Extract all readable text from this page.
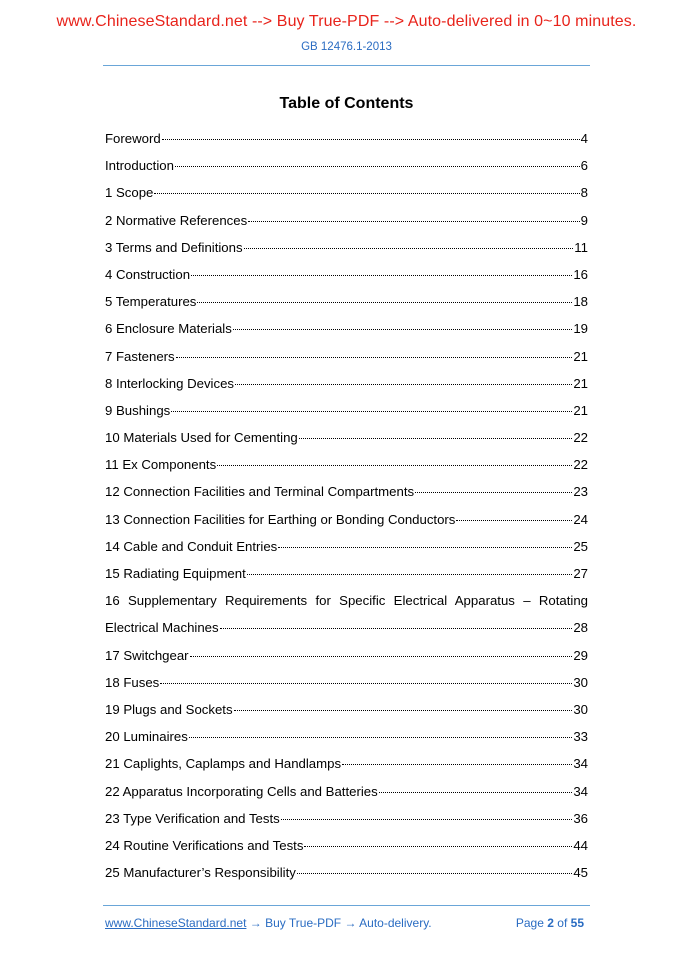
www.ChineseStandard.net --> Buy True-PDF --> Auto-delivered in 0~10 minutes.
GB 12476.1-2013
Table of Contents
Foreword	4
Introduction	6
1 Scope	8
2 Normative References	9
3 Terms and Definitions	11
4 Construction	16
5 Temperatures	18
6 Enclosure Materials	19
7 Fasteners	21
8 Interlocking Devices	21
9 Bushings	21
10 Materials Used for Cementing	22
11 Ex Components	22
12 Connection Facilities and Terminal Compartments	23
13 Connection Facilities for Earthing or Bonding Conductors	24
14 Cable and Conduit Entries	25
15 Radiating Equipment	27
16 Supplementary Requirements for Specific Electrical Apparatus – Rotating
Electrical Machines	28
17 Switchgear	29
18 Fuses	30
19 Plugs and Sockets	30
20 Luminaires	33
21 Caplights, Caplamps and Handlamps	34
22 Apparatus Incorporating Cells and Batteries	34
23 Type Verification and Tests	36
24 Routine Verifications and Tests	44
25 Manufacturer’s Responsibility	45
www.ChineseStandard.net → Buy True-PDF → Auto-delivery.	Page 2 of 55
